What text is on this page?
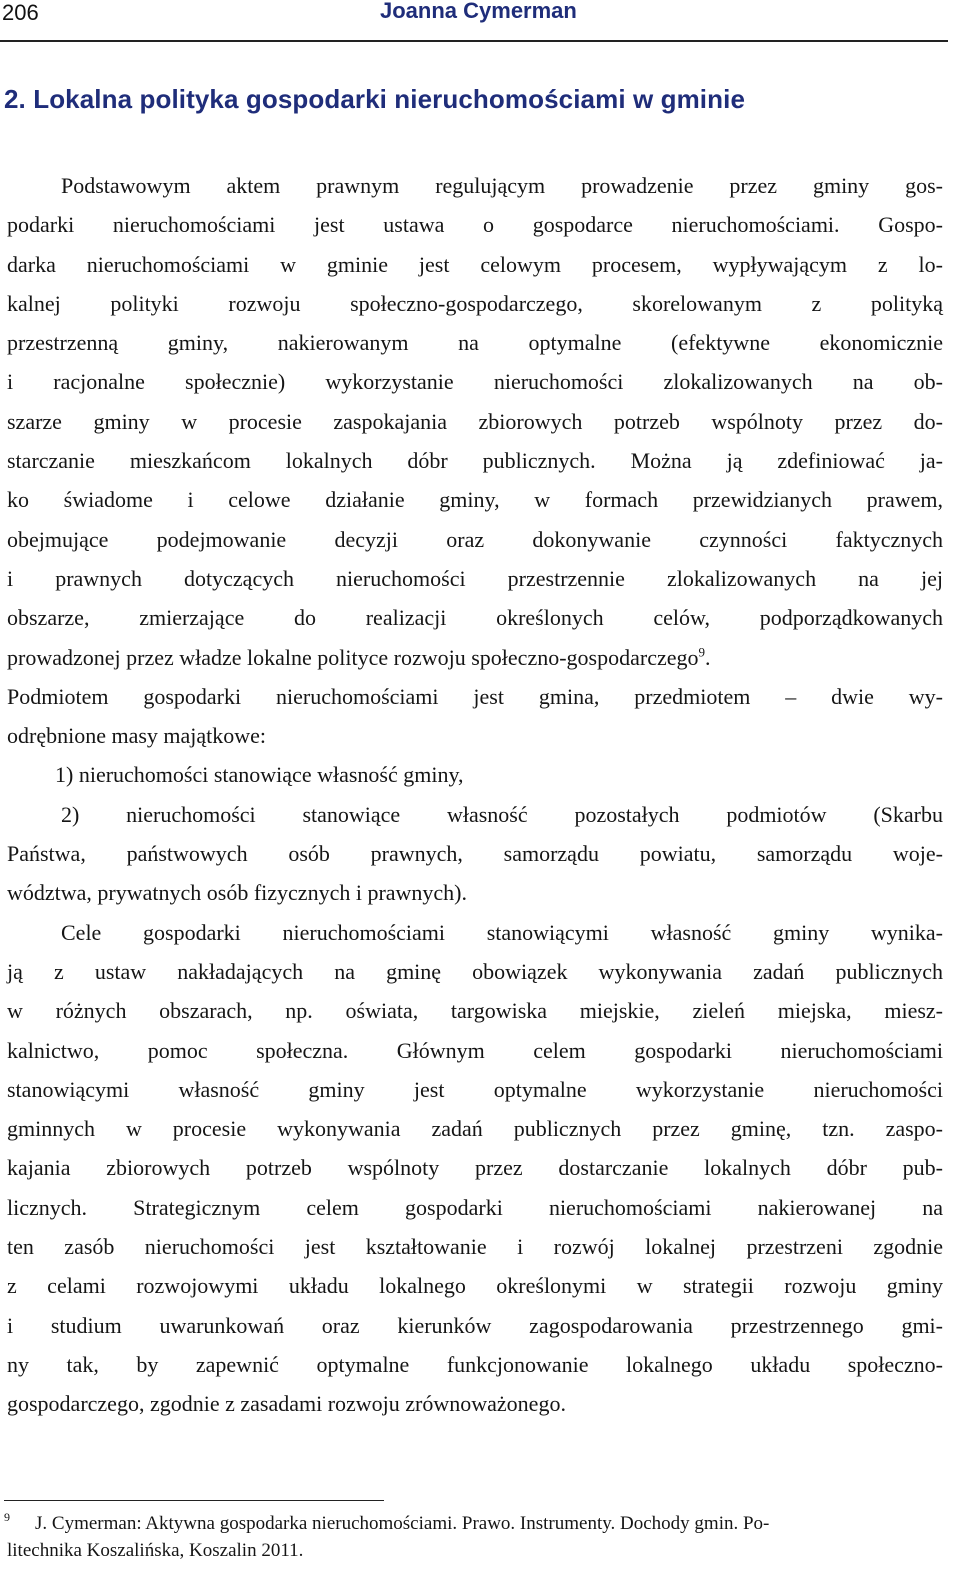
206	Joanna Cymerman
2. Lokalna polityka gospodarki nieruchomościami w gminie
Podstawowym aktem prawnym regulującym prowadzenie przez gminy gos-
podarki nieruchomościami jest ustawa o gospodarce nieruchomościami. Gospo-
darka nieruchomościami w gminie jest celowym procesem, wypływającym z lo-
kalnej polityki rozwoju społeczno-gospodarczego, skorelowanym z polityką
przestrzenną gminy, nakierowanym na optymalne (efektywne ekonomicznie
i racjonalne społecznie) wykorzystanie nieruchomości zlokalizowanych na ob-
szarze gminy w procesie zaspokajania zbiorowych potrzeb wspólnoty przez do-
starczanie mieszkańcom lokalnych dóbr publicznych. Można ją zdefiniować ja-
ko świadome i celowe działanie gminy, w formach przewidzianych prawem,
obejmujące podejmowanie decyzji oraz dokonywanie czynności faktycznych
i prawnych dotyczących nieruchomości przestrzennie zlokalizowanych na jej
obszarze, zmierzające do realizacji określonych celów, podporządkowanych
prowadzonej przez władze lokalne polityce rozwoju społeczno-gospodarczego$^9$.
Podmiotem gospodarki nieruchomościami jest gmina, przedmiotem – dwie wy-
odrębnione masy majątkowe:
1) nieruchomości stanowiące własność gminy,
2) nieruchomości stanowiące własność pozostałych podmiotów (Skarbu
Państwa, państwowych osób prawnych, samorządu powiatu, samorządu woje-
wództwa, prywatnych osób fizycznych i prawnych).
Cele gospodarki nieruchomościami stanowiącymi własność gminy wynika-
ją z ustaw nakładających na gminę obowiązek wykonywania zadań publicznych
w różnych obszarach, np. oświata, targowiska miejskie, zieleń miejska, miesz-
kalnictwo, pomoc społeczna. Głównym celem gospodarki nieruchomościami
stanowiącymi własność gminy jest optymalne wykorzystanie nieruchomości
gminnych w procesie wykonywania zadań publicznych przez gminę, tzn. zaspo-
kajania zbiorowych potrzeb wspólnoty przez dostarczanie lokalnych dóbr pub-
licznych. Strategicznym celem gospodarki nieruchomościami nakierowanej na
ten zasób nieruchomości jest kształtowanie i rozwój lokalnej przestrzeni zgodnie
z celami rozwojowymi układu lokalnego określonymi w strategii rozwoju gminy
i studium uwarunkowań oraz kierunków zagospodarowania przestrzennego gmi-
ny tak, by zapewnić optymalne funkcjonowanie lokalnego układu społeczno-
gospodarczego, zgodnie z zasadami rozwoju zrównoważonego.
9	J. Cymerman: Aktywna gospodarka nieruchomościami. Prawo. Instrumenty. Dochody gmin. Po-
litechnika Koszalińska, Koszalin 2011.
